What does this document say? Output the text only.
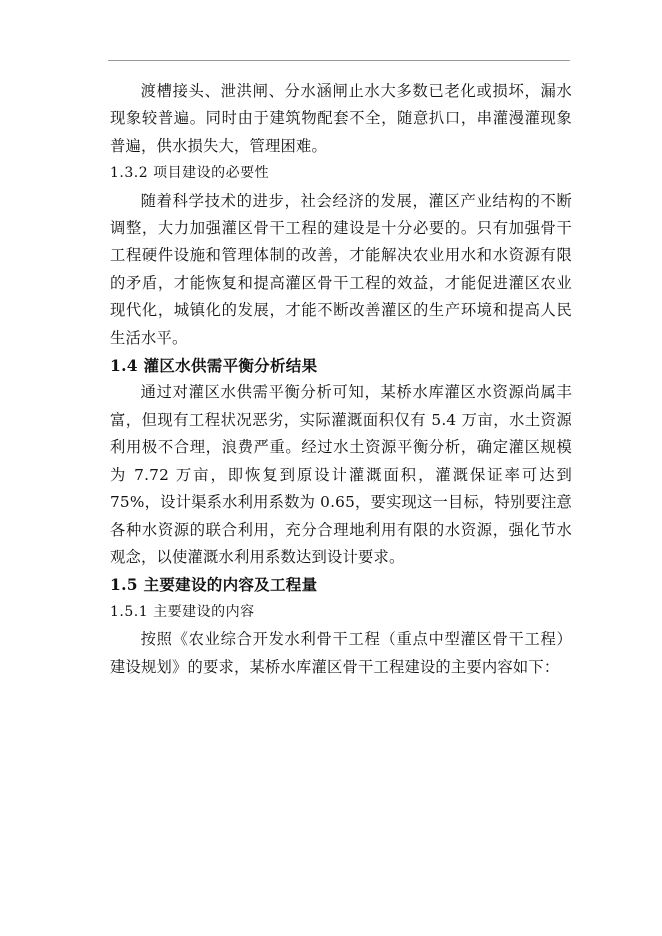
渡槽接头、泄洪闸、分水涵闸止水大多数已老化或损坏，漏水现象较普遍。同时由于建筑物配套不全，随意扒口，串灌漫灌现象普遍，供水损失大，管理困难。

1.3.2 项目建设的必要性

随着科学技术的进步，社会经济的发展，灌区产业结构的不断调整，大力加强灌区骨干工程的建设是十分必要的。只有加强骨干工程硬件设施和管理体制的改善，才能解决农业用水和水资源有限的矛盾，才能恢复和提高灌区骨干工程的效益，才能促进灌区农业现代化，城镇化的发展，才能不断改善灌区的生产环境和提高人民生活水平。

1.4 灌区水供需平衡分析结果

通过对灌区水供需平衡分析可知，某桥水库灌区水资源尚属丰富，但现有工程状况恶劣，实际灌溉面积仅有 5.4 万亩，水土资源利用极不合理，浪费严重。经过水土资源平衡分析，确定灌区规模为 7.72 万亩，即恢复到原设计灌溉面积，灌溉保证率可达到 75%，设计渠系水利用系数为 0.65，要实现这一目标，特别要注意各种水资源的联合利用，充分合理地利用有限的水资源，强化节水观念，以使灌溉水利用系数达到设计要求。

1.5 主要建设的内容及工程量

1.5.1 主要建设的内容

按照《农业综合开发水利骨干工程（重点中型灌区骨干工程）建设规划》的要求，某桥水库灌区骨干工程建设的主要内容如下：
